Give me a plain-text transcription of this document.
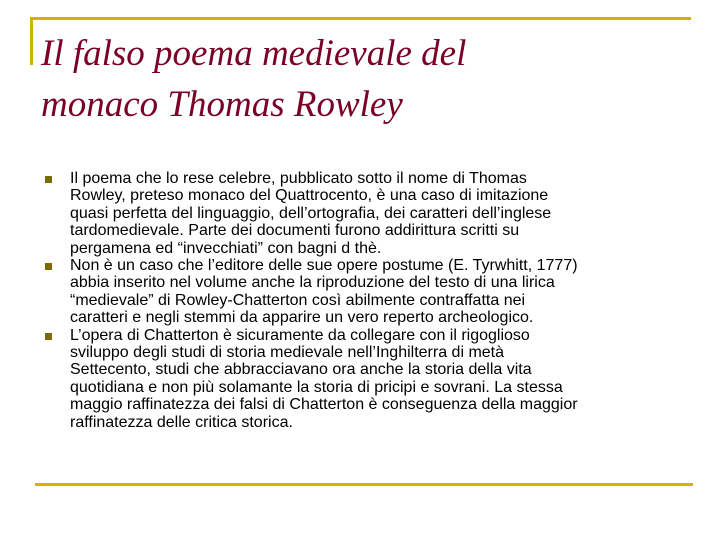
Il falso poema medievale del
monaco Thomas Rowley
Il poema che lo rese celebre, pubblicato sotto il nome di Thomas
Rowley, preteso monaco del Quattrocento, è una caso di imitazione
quasi perfetta del linguaggio, dell’ortografia, dei caratteri dell’inglese
tardomedievale. Parte dei documenti furono addirittura scritti su
pergamena ed “invecchiati” con bagni d thè.
Non è un caso che l’editore delle sue opere postume (E. Tyrwhitt, 1777)
abbia inserito nel volume anche la riproduzione del testo di una lirica
“medievale” di Rowley-Chatterton così abilmente contraffatta nei
caratteri e negli stemmi da apparire un vero reperto archeologico.
L’opera di Chatterton è sicuramente da collegare con il rigoglioso
sviluppo degli studi di storia medievale nell’Inghilterra di metà
Settecento, studi che abbracciavano ora anche la storia della vita
quotidiana e non più solamante la storia di pricipi e sovrani. La stessa
maggio raffinatezza dei falsi di Chatterton è conseguenza della maggior
raffinatezza delle critica storica.
